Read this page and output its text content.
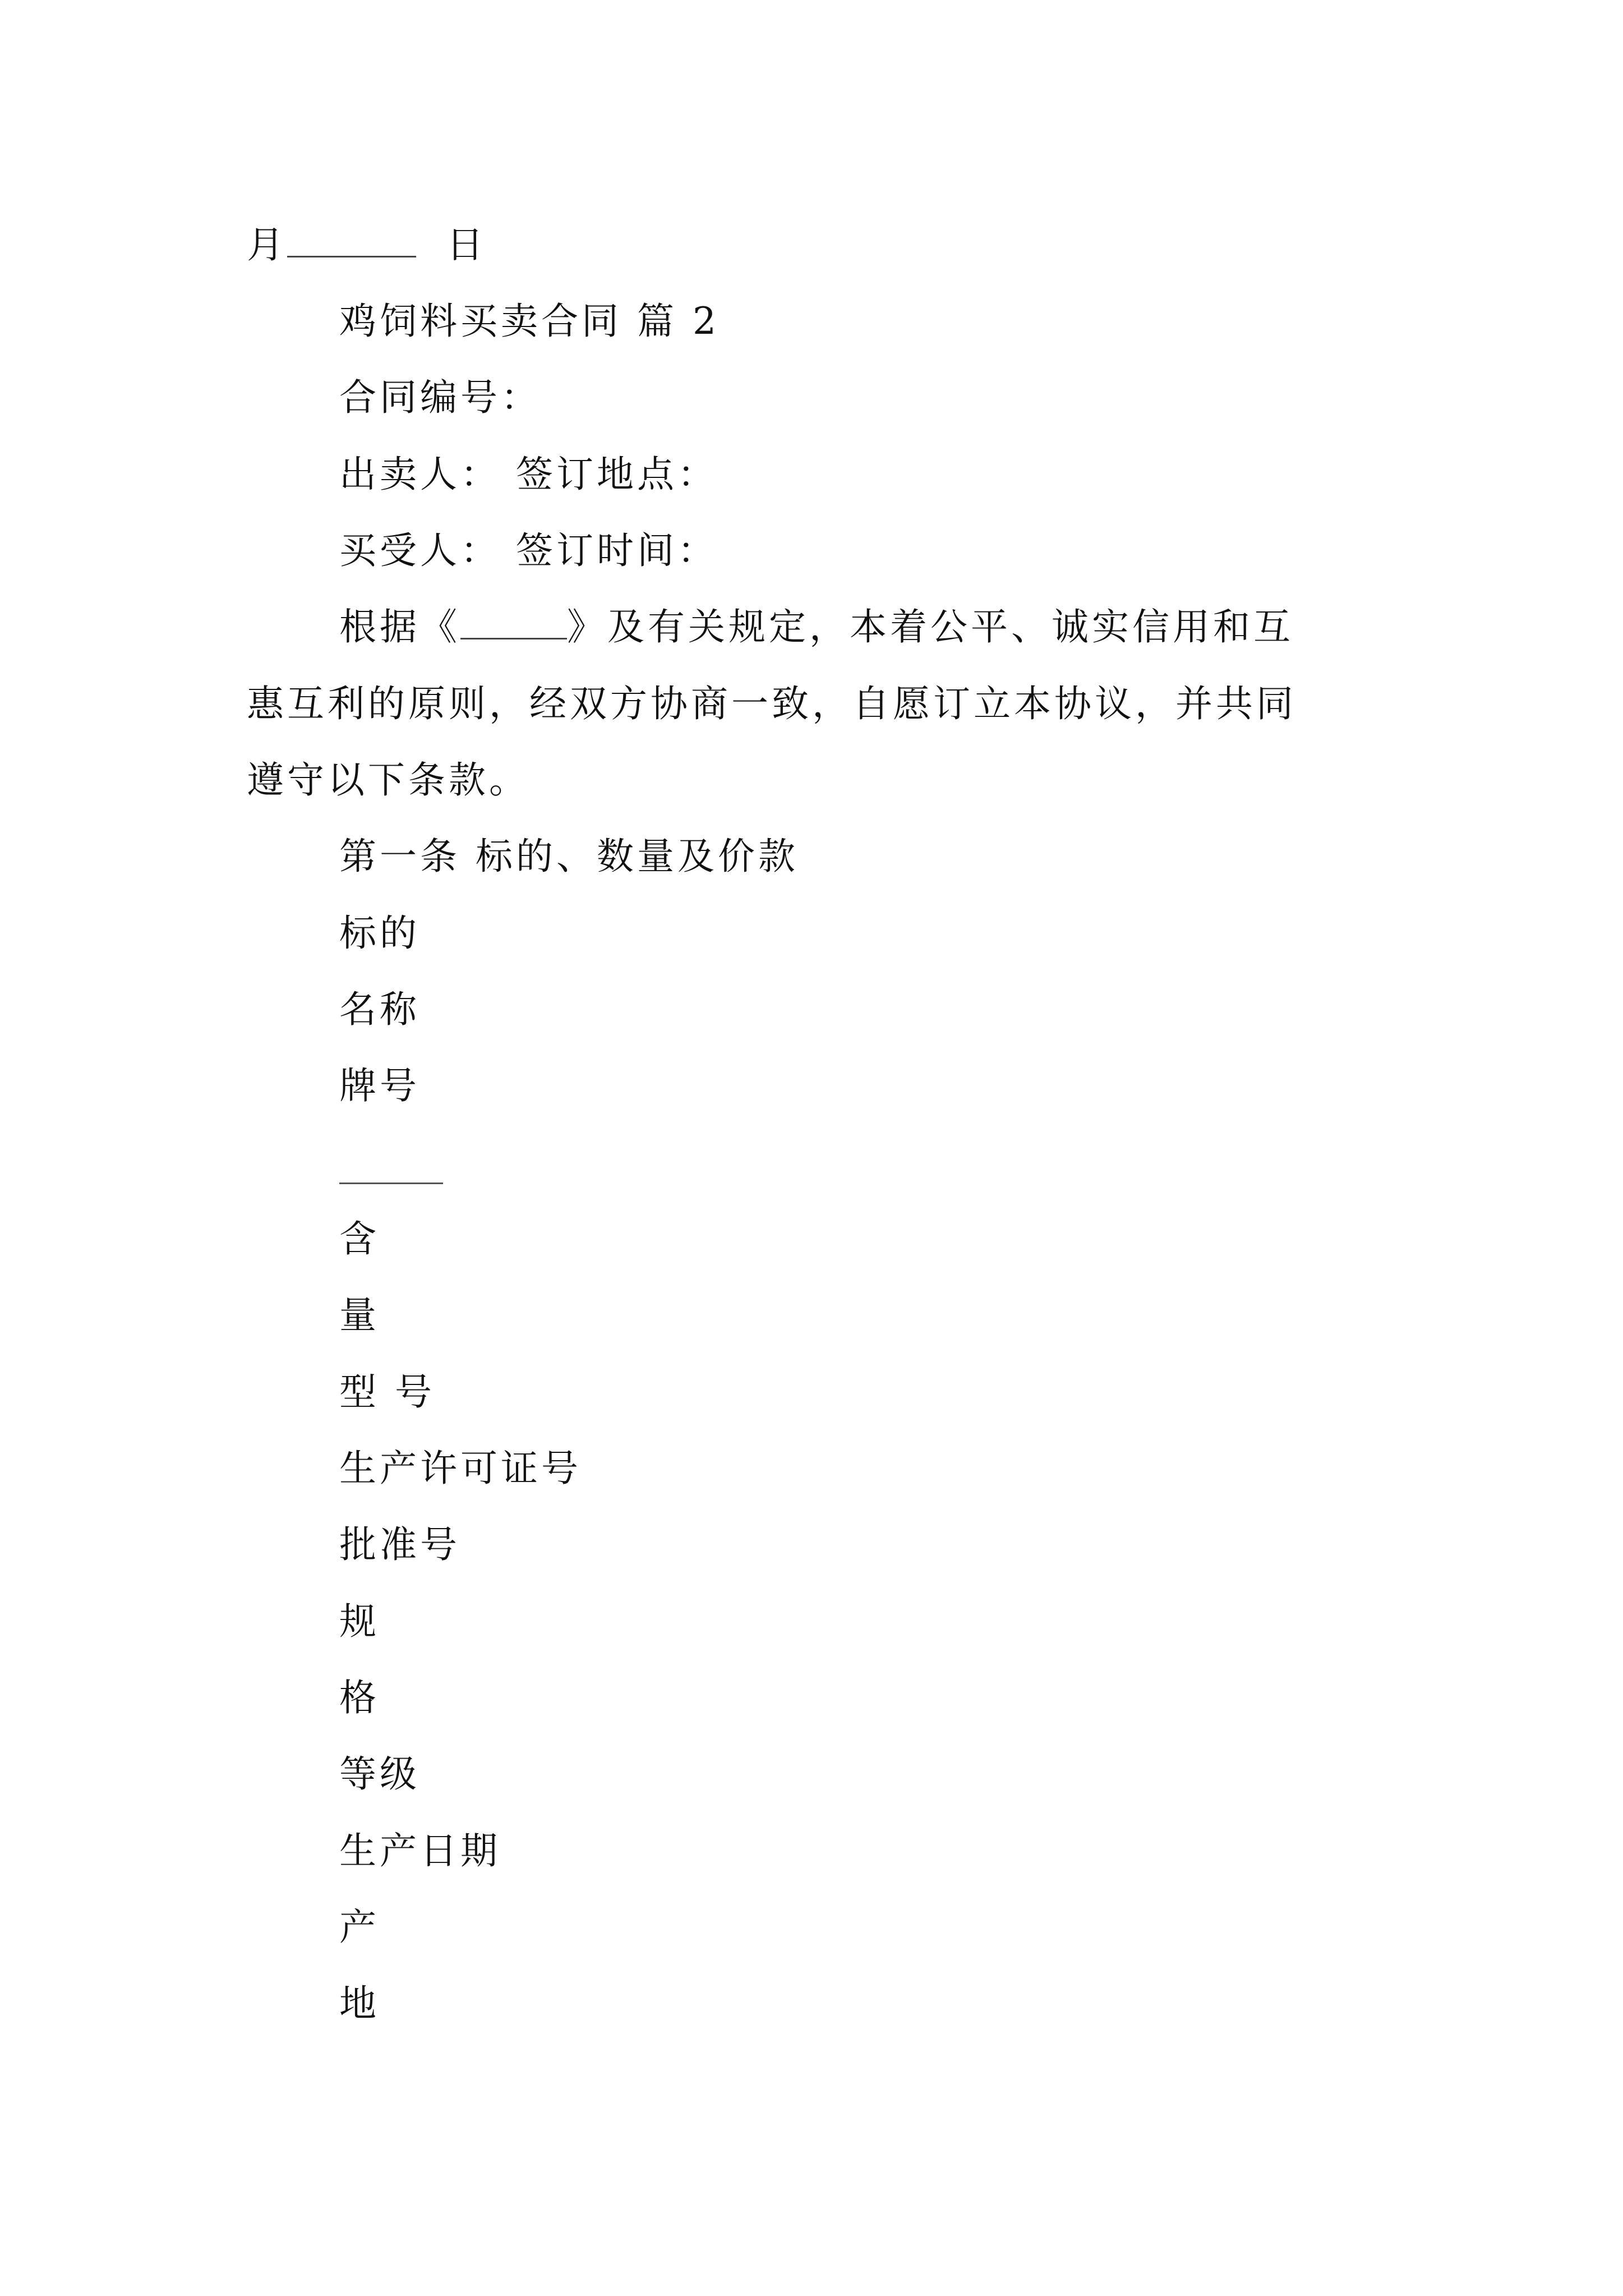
月	日
鸡饲料买卖合同 篇 2
合同编号：
出卖人： 签订地点：
买受人： 签订时间：
根据《	》及有关规定，本着公平、诚实信用和互
惠互利的原则，经双方协商一致，自愿订立本协议，并共同
遵守以下条款。
第一条 标的、数量及价款
标的
名称
牌号
含
量
型 号
生产许可证号
批准号
规
格
等级
生产日期
产
地
